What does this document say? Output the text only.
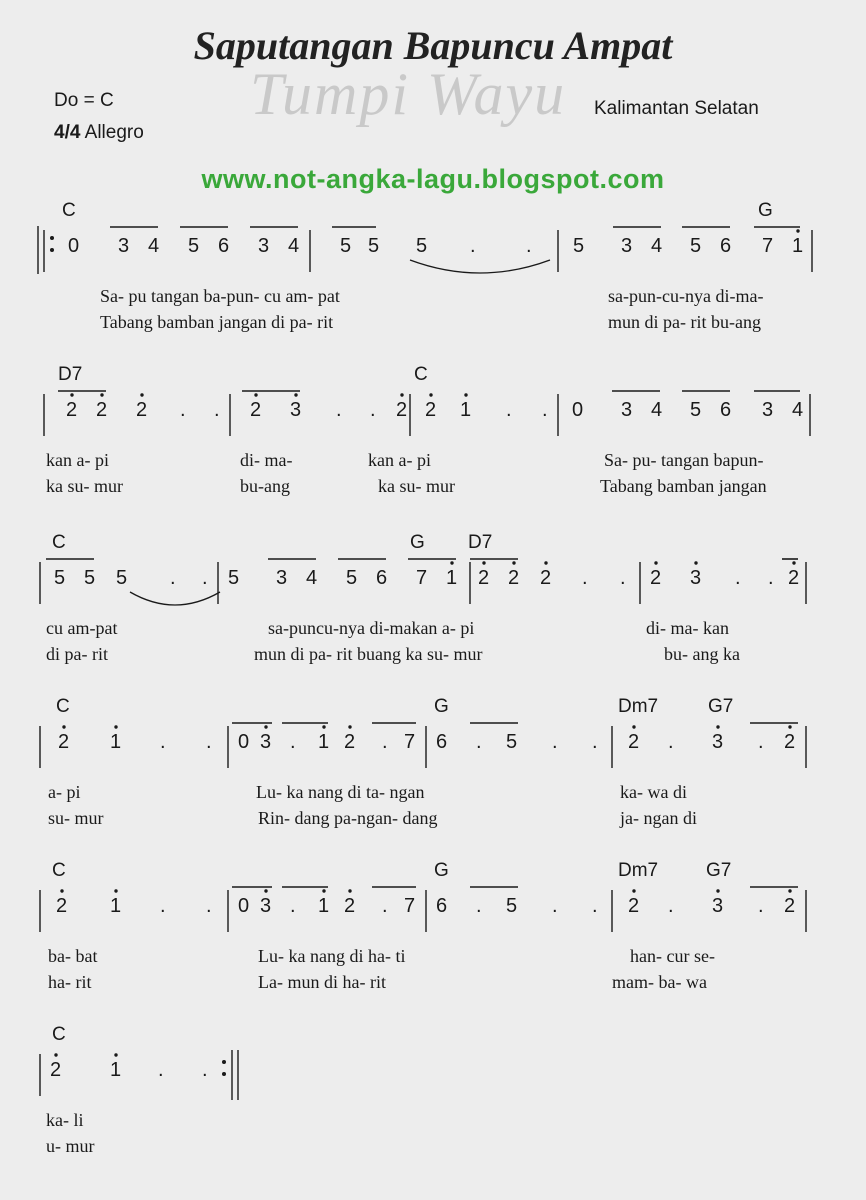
Tumpi Wayu
Saputangan Bapuncu Ampat
Do = C
4/4 Allegro
Kalimantan Selatan
www.not-angka-lagu.blogspot.com
C	G
0 3 4 5 6 3 4 5 5 5 .	. 5 3 4 5 6 7 1
Sa- pu tangan ba-pun- cu am- pat	sa-pun-cu-nya di-ma-
Tabang bamban jangan di pa- rit	mun di pa- rit bu-ang
D7	C
2 2 2 . . 2 3 . . 2 2 1 . . 0 3 4 5 6 3 4
kan a- pi	di- ma-	kan a- pi	Sa- pu- tangan bapun-
ka su- mur	bu-ang	ka su- mur	Tabang bamban jangan
C	G D7
5 5 5 . . 5 3 4 5 6 7 1 2 2 2 . . 2 3 . . 2
cu am-pat	sa-puncu-nya di-makan a- pi	di- ma- kan
di pa- rit	mun di pa- rit buang ka su- mur	bu- ang ka
C	G	Dm7	G7
2 1 . . 0 3 . 1 2 . 7 6 . 5 . . 2 . 3 . 2
a- pi	Lu- ka nang di ta- ngan	ka- wa di
su- mur	Rin- dang pa-ngan- dang	ja- ngan di
C	G	Dm7	G7
2 1 . . 0 3 . 1 2 . 7 6 . 5 . . 2 . 3 . 2
ba- bat	Lu- ka nang di ha- ti	han- cur se-
ha- rit	La- mun di ha- rit	mam- ba- wa
C
2 1 . .
ka- li
u- mur
